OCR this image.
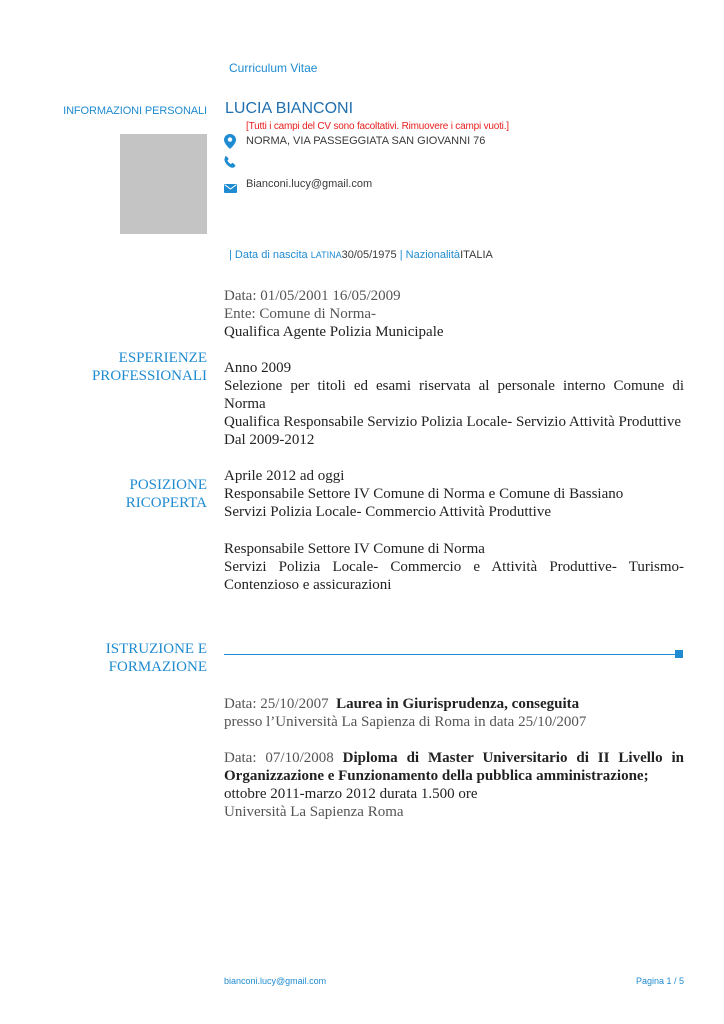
Curriculum Vitae
INFORMAZIONI PERSONALI LUCIA BIANCONI
[Tutti i campi del CV sono facoltativi. Rimuovere i campi vuoti.]
NORMA, VIA PASSEGGIATA SAN GIOVANNI 76
Bianconi.lucy@gmail.com
| Data di nascita LATINA30/05/1975 | NazionalitàITALIA

Data: 01/05/2001 16/05/2009

Ente: Comune di Norma-

Qualifica Agente Polizia Municipale

ESPERIENZE
PROFESSIONALI Anno 2009

Selezione per titoli ed esami riservata al personale interno Comune di Norma

Qualifica Responsabile Servizio Polizia Locale- Servizio Attività Produttive

Dal 2009-2012

POSIZIONE
RICOPERTA

Aprile 2012 ad oggi

Responsabile Settore IV Comune di Norma e Comune di Bassiano

Servizi Polizia Locale- Commercio Attività Produttive

Responsabile Settore IV Comune di Norma

Servizi Polizia Locale- Commercio e Attività Produttive- Turismo-Contenzioso e assicurazioni

ISTRUZIONE E
FORMAZIONE

Data: 25/10/2007 Laurea in Giurisprudenza, conseguita

presso l’Università La Sapienza di Roma in data 25/10/2007

Data: 07/10/2008 Diploma di Master Universitario di II Livello in Organizzazione e Funzionamento della pubblica amministrazione;

ottobre 2011-marzo 2012 durata 1.500 ore

Università La Sapienza Roma

bianconi.lucy@gmail.com	Pagina 1 / 5
